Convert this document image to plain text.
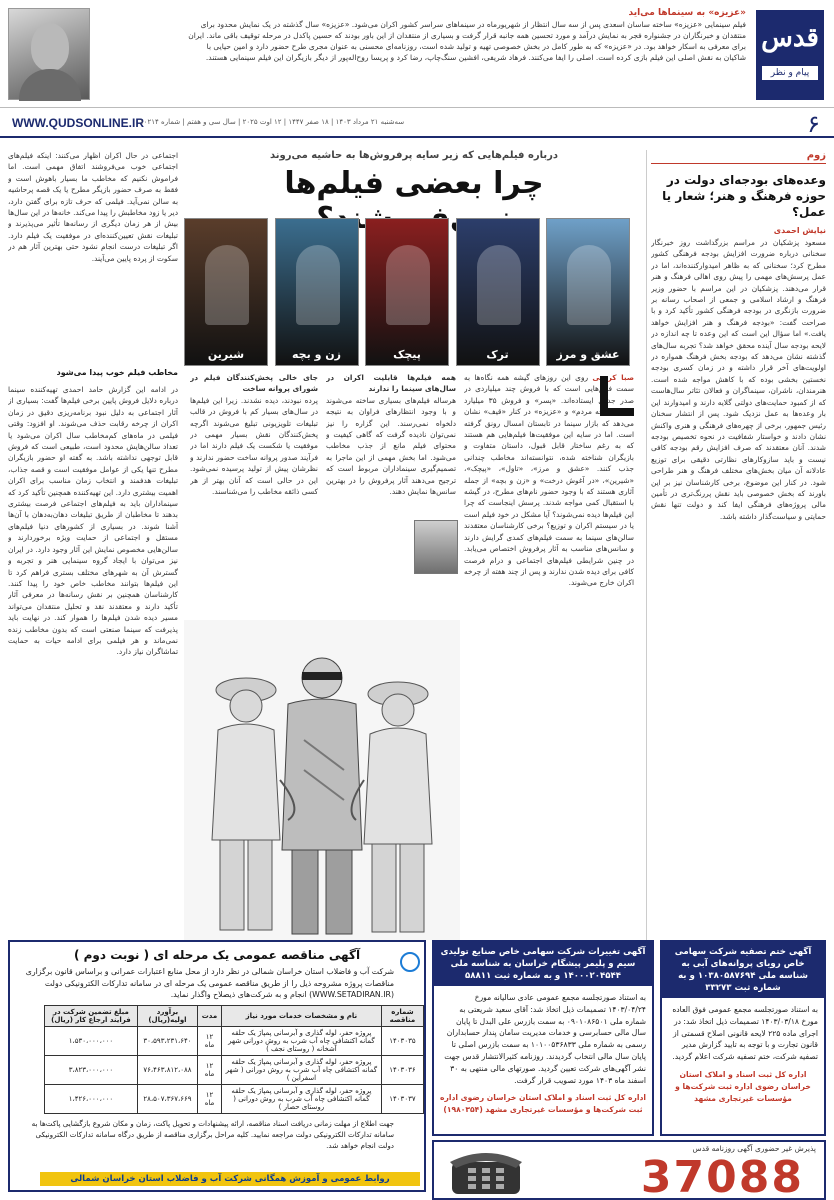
قدس
پیام و نظر
«عزیزه» به سینماها می‌آید
فیلم سینمایی «عزیزه» ساخته ساسان اسعدی پس از سه سال انتظار از شهریورماه در سینماهای سراسر کشور اکران می‌شود. «عزیزه» سال گذشته در یک نمایش محدود برای منتقدان و خبرنگاران در جشنواره فجر به نمایش درآمد و مورد تحسین همه جانبه قرار گرفت و بسیاری از منتقدان از این باور بودند که حسین پاکدل در مرحله توقیف باقی ماند. ایران برای معرفی به اسکار خواهد بود. در «عزیزه» که به طور کامل در بخش خصوصی تهیه و تولید شده است، روزنامه‌ای محسنی به عنوان مجری طرح حضور دارد و امین حیایی با شاکیان به نقش اصلی این فیلم بازی کرده است. اصلی را ایفا می‌کنند. فرهاد شریفی، افشین سنگ‌چاپ، رضا کرد و پریسا روح‌اله‌پور از دیگر بازیگران این فیلم سینمایی هستند.
WWW.QUDSONLINE.IR
سه‌شنبه ۲۱ مرداد ۱۴۰۳ | ۱۸ صفر ۱۴۴۷ | ۱۲ اوت ۲۰۲۵ | سال سی و هفتم | شماره ۱۰۲۱۴	۶
زوم
وعده‌های بودجه‌ای دولت در حوزه فرهنگ و هنر؛ شعار یا عمل؟
نیایش احمدی
مسعود پزشکیان در مراسم بزرگداشت روز خبرنگار سخنانی درباره ضرورت افزایش بودجه فرهنگی کشور مطرح کرد؛ سخنانی که به ظاهر امیدوارکننده‌اند، اما در عمل پرسش‌های مهمی را پیش روی اهالی فرهنگ و هنر قرار می‌دهند. پزشکیان در این مراسم با حضور وزیر فرهنگ و ارشاد اسلامی و جمعی از اصحاب رسانه بر ضرورت بازنگری در بودجه فرهنگی کشور تأکید کرد و با صراحت گفت: «بودجه فرهنگ و هنر افزایش خواهد یافت.» اما سؤال این است که این وعده تا چه اندازه در لایحه بودجه سال آینده محقق خواهد شد؟ تجربه سال‌های گذشته نشان می‌دهد که بودجه بخش فرهنگ همواره در اولویت‌های آخر قرار داشته و در زمان کسری بودجه نخستین بخشی بوده که با کاهش مواجه شده است. هنرمندان، ناشران، سینماگران و فعالان تئاتر سال‌هاست که از کمبود حمایت‌های دولتی گلایه دارند و امیدوارند این بار وعده‌ها به عمل نزدیک شود. پس از انتشار سخنان رئیس جمهور، برخی از چهره‌های فرهنگی و هنری واکنش نشان دادند و خواستار شفافیت در نحوه تخصیص بودجه شدند. آنان معتقدند که صرف افزایش رقم بودجه کافی نیست و باید سازوکارهای نظارتی دقیقی برای توزیع عادلانه آن میان بخش‌های مختلف فرهنگ و هنر طراحی شود. در کنار این موضوع، برخی کارشناسان نیز بر این باورند که بخش خصوصی باید نقش پررنگ‌تری در تأمین مالی پروژه‌های فرهنگی ایفا کند و دولت تنها نقش حمایتی و سیاست‌گذار داشته باشد.
درباره فیلم‌هایی که زیر سایه پرفروش‌ها به حاشیه می‌روند
چرا بعضی فیلم‌ها
اجتماعی در حال اکران اظهار می‌کنند: اینکه فیلم‌های اجتماعی خوب می‌فروشند اتفاق مهمی است. اما فراموش نکنیم که مخاطب ما بسیار باهوش است و فقط به صرف حضور بازیگر مطرح یا یک قصه پرحاشیه به سالن نمی‌آید. فیلمی که حرف تازه برای گفتن دارد، دیر یا زود مخاطبش را پیدا می‌کند. خانه‌ها در این سال‌ها بیش از هر زمان دیگری از رسانه‌ها تأثیر می‌پذیرند و تبلیغات نقش تعیین‌کننده‌ای در موفقیت یک فیلم دارد. اگر تبلیغات درست انجام نشود حتی بهترین آثار هم در سکوت از پرده پایین می‌آیند.
عشق و مرز
ترک
پیچک
زن و بچه
شیرین
مخاطب فیلم خوب پیدا می‌شود
در ادامه این گزارش حامد احمدی تهیه‌کننده سینما درباره دلایل فروش پایین برخی فیلم‌ها گفت: بسیاری از آثار اجتماعی به دلیل نبود برنامه‌ریزی دقیق در زمان اکران از چرخه رقابت حذف می‌شوند. او افزود: وقتی فیلمی در ماه‌های کم‌مخاطب سال اکران می‌شود یا تعداد سالن‌هایش محدود است، طبیعی است که فروش قابل توجهی نداشته باشد. به گفته او حضور بازیگران مطرح تنها یکی از عوامل موفقیت است و قصه جذاب، تبلیغات هدفمند و انتخاب زمان مناسب برای اکران اهمیت بیشتری دارد. این تهیه‌کننده همچنین تأکید کرد که سینماداران باید به فیلم‌های اجتماعی فرصت بیشتری بدهند تا مخاطبان از طریق تبلیغات دهان‌به‌دهان با آن‌ها آشنا شوند. در بسیاری از کشورهای دنیا فیلم‌های مستقل و اجتماعی از حمایت ویژه برخوردارند و سالن‌هایی مخصوص نمایش این آثار وجود دارد. در ایران نیز می‌توان با ایجاد گروه سینمایی هنر و تجربه و گسترش آن به شهرهای مختلف بستری فراهم کرد تا این فیلم‌ها بتوانند مخاطب خاص خود را پیدا کنند. کارشناسان همچنین بر نقش رسانه‌ها در معرفی آثار تأکید دارند و معتقدند نقد و تحلیل منتقدان می‌تواند مسیر دیده شدن فیلم‌ها را هموار کند. در نهایت باید پذیرفت که سینما صنعتی است که بدون مخاطب زنده نمی‌ماند و هر فیلمی برای ادامه حیات به حمایت تماشاگران نیاز دارد.
جای خالی پخش‌کنندگان فیلم در شورای پروانه ساخت
پرده‌ نبودند، دیده نشدند. زیرا این فیلم‌ها در سال‌های بسیار کم با فروش در قالب تبلیغات تلویزیونی تبلیغ می‌شوند اگرچه پخش‌کنندگان نقش بسیار مهمی در موفقیت یا شکست یک فیلم دارند اما در فرآیند صدور پروانه ساخت حضور ندارند و نظرشان پیش از تولید پرسیده نمی‌شود. این در حالی است که آنان بهتر از هر کسی ذائقه مخاطب را می‌شناسند.
همه فیلم‌ها قابلیت اکران در سال‌های سینما را ندارند
هرساله فیلم‌های بسیاری ساخته می‌شوند و با وجود انتظارهای فراوان به نتیجه دلخواه نمی‌رسند. این گزاره را نیز نمی‌توان نادیده گرفت که گاهی کیفیت و محتوای فیلم مانع از جذب مخاطب می‌شود. اما بخش مهمی از این ماجرا به تصمیم‌گیری سینماداران مربوط است که ترجیح می‌دهند آثار پرفروش را در بهترین سانس‌ها نمایش دهند.
صبا کریمی روی این روزهای گیشه همه نگاه‌ها به سمت فیلم‌هایی است که با فروش چند میلیاردی در صدر جدول ایستاده‌اند. «پسر» و فروش ۳۵ میلیارد تومانی «بچه مردم» و «عزیزه» در کنار «قیف» نشان می‌دهد که بازار سینما در تابستان امسال رونق گرفته است. اما در سایه این موفقیت‌ها فیلم‌هایی هم هستند که به رغم ساختار قابل قبول، داستان متفاوت و بازیگران شناخته شده، نتوانسته‌اند مخاطب چندانی جذب کنند. «عشق و مرز»، «تاول»، «پیچک»، «شیرین»، «در آغوش درخت» و «زن و بچه» از جمله آثاری هستند که با وجود حضور نام‌های مطرح، در گیشه با استقبال کمی مواجه شدند. پرسش اینجاست که چرا این فیلم‌ها دیده نمی‌شوند؟ آیا مشکل در خود فیلم است یا در سیستم اکران و توزیع؟ برخی کارشناسان معتقدند سالن‌های سینما به سمت فیلم‌های کمدی گرایش دارند و سانس‌های مناسب به آثار پرفروش اختصاص می‌یابد. در چنین شرایطی فیلم‌های اجتماعی و درام فرصت کافی برای دیده شدن ندارند و پس از چند هفته از چرخه اکران خارج می‌شوند.
آگهی مناقصه عمومی یک مرحله ای ( نوبت دوم )
شرکت آب و فاضلاب استان خراسان شمالی در نظر دارد از محل منابع اعتبارات عمرانی و براساس قانون برگزاری مناقصات پروژه مشروحه ذیل را از طریق مناقصه عمومی یک مرحله ای در سامانه تدارکات الکترونیکی دولت (WWW.SETADIRAN.IR) انجام و به شرکت‌های ذیصلاح واگذار نماید.
شماره مناقصه	نام و مشخصات خدمات مورد نیاز	مدت	برآورد اولیه(ریال)	مبلغ تضمین شرکت در فرایند ارجاع کار (ریال)
۱۴۰۳۰۳۵	پروژه حفر، لوله گذاری و آبرسانی پمپاژ یک حلقه گمانه اکتشافی چاه آب شرب به روش دورانی شهر آشخانه ( روستای نجف )	۱۲ ماه	۳۰،۵۹۳،۲۳۱،۶۴۰	۱،۵۳۰،۰۰۰،۰۰۰
۱۴۰۳۰۳۶	پروژه حفر، لوله گذاری و آبرسانی پمپاژ یک حلقه گمانه اکتشافی چاه آب شرب به روش دورانی ( شهر اسفراین )	۱۲ ماه	۷۶،۴۶۳،۸۱۲،۰۸۸	۳،۸۲۳،۰۰۰،۰۰۰
۱۴۰۳۰۳۷	پروژه حفر، لوله گذاری و آبرسانی پمپاژ یک حلقه گمانه اکتشافی چاه آب شرب به روش دورانی ( روستای حصار )	۱۲ ماه	۲۸،۵۰۷،۳۶۷،۶۶۹	۱،۴۲۶،۰۰۰،۰۰۰
جهت اطلاع از مهلت زمانی دریافت اسناد مناقصه، ارائه پیشنهادات و تحویل پاکت، زمان و مکان شروع بازگشایی پاکت‌ها به سامانه تدارکات الکترونیکی دولت مراجعه نمایید. کلیه مراحل برگزاری مناقصه از طریق درگاه سامانه تدارکات الکترونیکی دولت انجام خواهد شد.
روابط عمومی و آموزش همگانی شرکت آب و فاضلاب استان خراسان شمالی
آگهی تغییرات شرکت سهامی خاص صنایع تولیدی سیم و پلیمر پیشگام خراسان به شناسه ملی ۱۴۰۰۰۲۰۴۵۴۴ و به شماره ثبت ۵۸۸۱۱
به استناد صورتجلسه مجمع عمومی عادی سالیانه مورخ ۱۴۰۳/۰۴/۲۴ تصمیمات ذیل اتخاذ شد: آقای سعید شریعتی به شماره ملی ۰۹۰۱۰۸۶۵۰۱ به سمت بازرس علی البدل تا پایان سال مالی حسابرسی و خدمات مدیریت سامان پندار حسابداران رسمی به شماره ملی ۱۰۱۰۰۵۳۶۸۳۳ به سمت بازرس اصلی تا پایان سال مالی انتخاب گردیدند. روزنامه کثیرالانتشار قدس جهت نشر آگهی‌های شرکت تعیین گردید. صورتهای مالی منتهی به ۳۰ اسفند ماه ۱۴۰۳ مورد تصویب قرار گرفت.
اداره کل ثبت اسناد و املاک استان خراسان رضوی اداره ثبت شرکت‌ها و مؤسسات غیرتجاری مشهد (۱۹۸۰۳۵۴)
آگهی ختم تصفیه شرکت سهامی خاص رویای پروانه‌های آبی به شناسه ملی ۱۰۳۸۰۵۸۷۶۹۴ و به شماره ثبت ۳۳۲۷۳
به استناد صورتجلسه مجمع عمومی فوق العاده مورخ ۱۴۰۳/۰۳/۱۸ تصمیمات ذیل اتخاذ شد: در اجرای ماده ۲۲۵ لایحه قانونی اصلاح قسمتی از قانون تجارت و با توجه به تایید گزارش مدیر تصفیه شرکت، ختم تصفیه شرکت اعلام گردید.
اداره کل ثبت اسناد و املاک استان خراسان رضوی اداره ثبت شرکت‌ها و مؤسسات غیرتجاری مشهد
پذیرش غیر حضوری آگهی روزنامه قدس
37088
